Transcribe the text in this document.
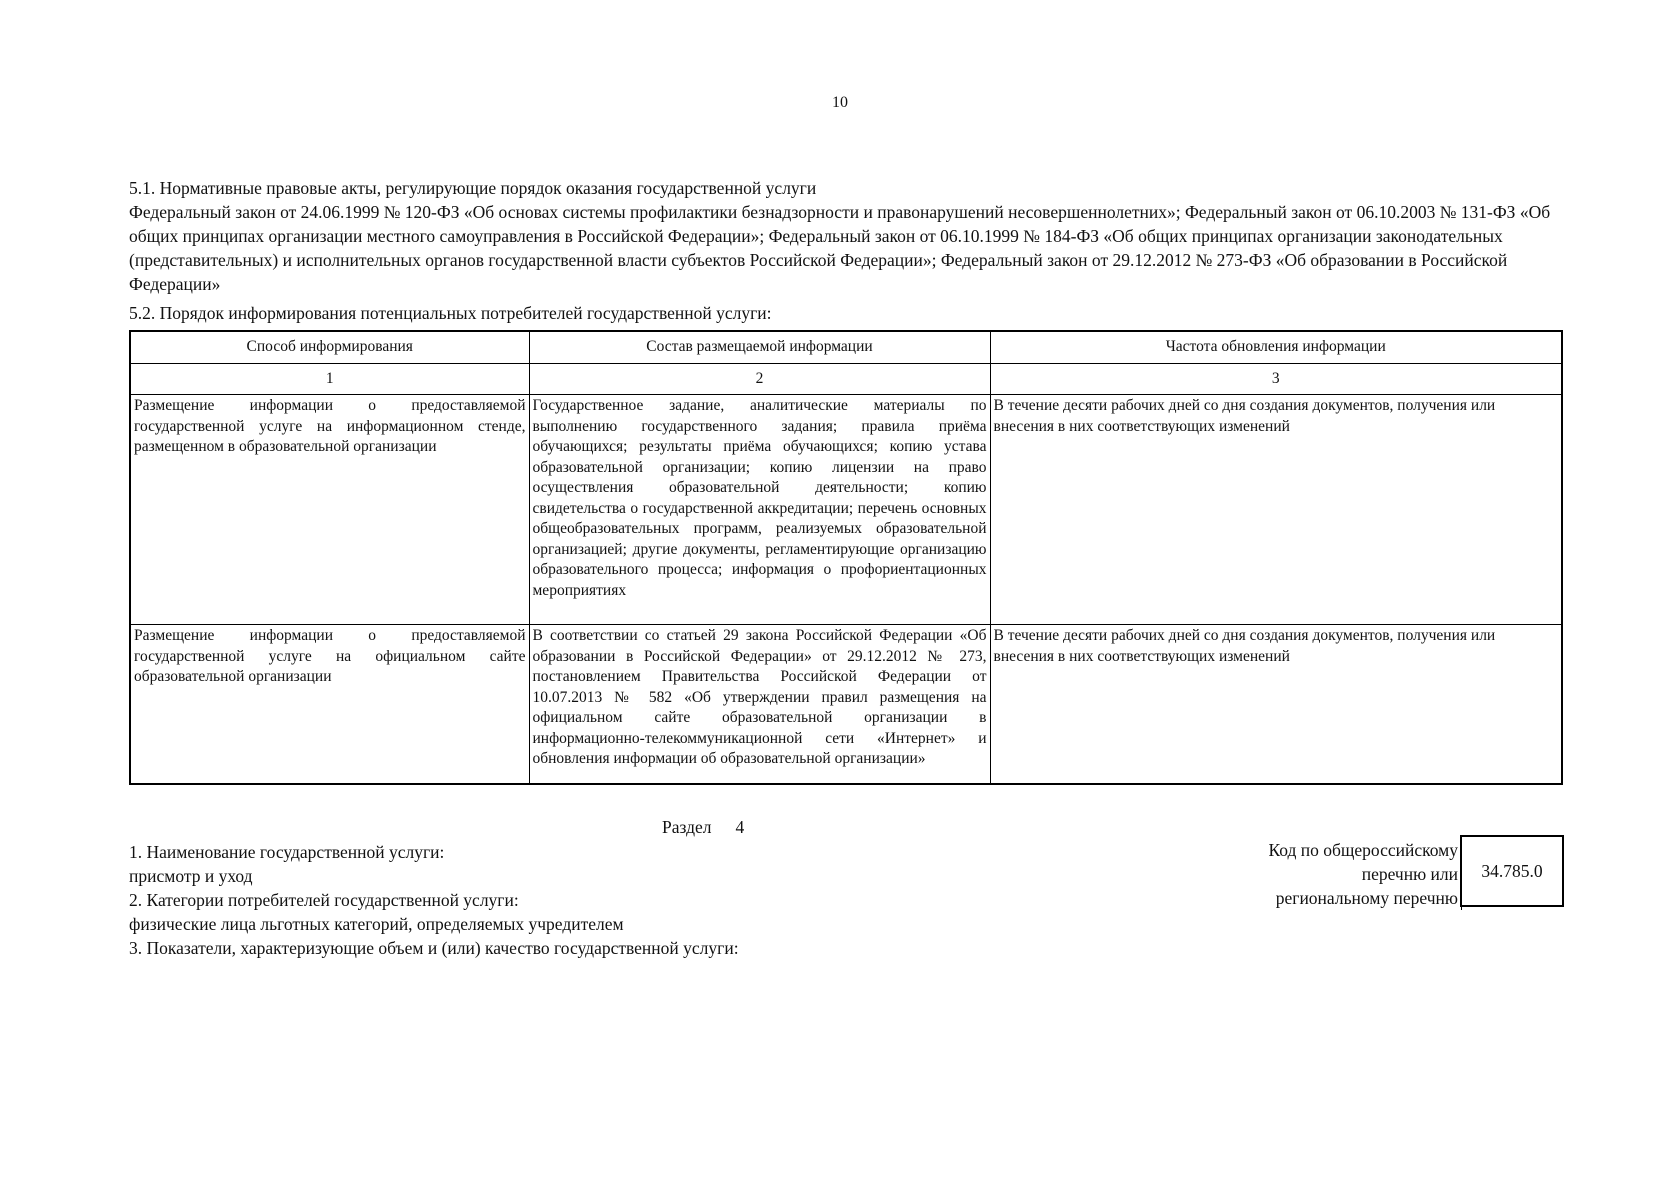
10
5.1. Нормативные правовые акты, регулирующие порядок оказания государственной услуги
Федеральный закон от 24.06.1999 № 120-ФЗ «Об основах системы профилактики безнадзорности и правонарушений несовершеннолетних»; Федеральный закон от 06.10.2003 № 131-ФЗ «Об общих принципах организации местного самоуправления в Российской Федерации»; Федеральный закон от 06.10.1999 № 184-ФЗ «Об общих принципах организации законодательных (представительных) и исполнительных органов государственной власти субъектов Российской Федерации»; Федеральный закон от 29.12.2012 № 273-ФЗ «Об образовании в Российской Федерации»
5.2. Порядок информирования потенциальных потребителей государственной услуги:
Способ информирования	Состав размещаемой информации	Частота обновления информации
1	2	3
Размещение информации о предоставляемой государственной услуге на информационном стенде, размещенном в образовательной организации	Государственное задание, аналитические материалы по выполнению государственного задания; правила приёма обучающихся; результаты приёма обучающихся; копию устава образовательной организации; копию лицензии на право осуществления образовательной деятельности; копию свидетельства о государственной аккредитации; перечень основных общеобразовательных программ, реализуемых образовательной организацией; другие документы, регламентирующие организацию образовательного процесса; информация о профориентационных мероприятиях	В течение десяти рабочих дней со дня создания документов, получения или внесения в них соответствующих изменений
Размещение информации о предоставляемой государственной услуге на официальном сайте образовательной организации	В соответствии со статьей 29 закона Российской Федерации «Об образовании в Российской Федерации» от 29.12.2012 № 273, постановлением Правительства Российской Федерации от 10.07.2013 № 582 «Об утверждении правил размещения на официальном сайте образовательной организации в информационно-телекоммуникационной сети «Интернет» и обновления информации об образовательной организации»	В течение десяти рабочих дней со дня создания документов, получения или внесения в них соответствующих изменений
Раздел 4
1. Наименование государственной услуги:
присмотр и уход
2. Категории потребителей государственной услуги:
физические лица льготных категорий, определяемых учредителем
3. Показатели, характеризующие объем и (или) качество государственной услуги:
Код по общероссийскому
перечню или
региональному перечню
34.785.0
